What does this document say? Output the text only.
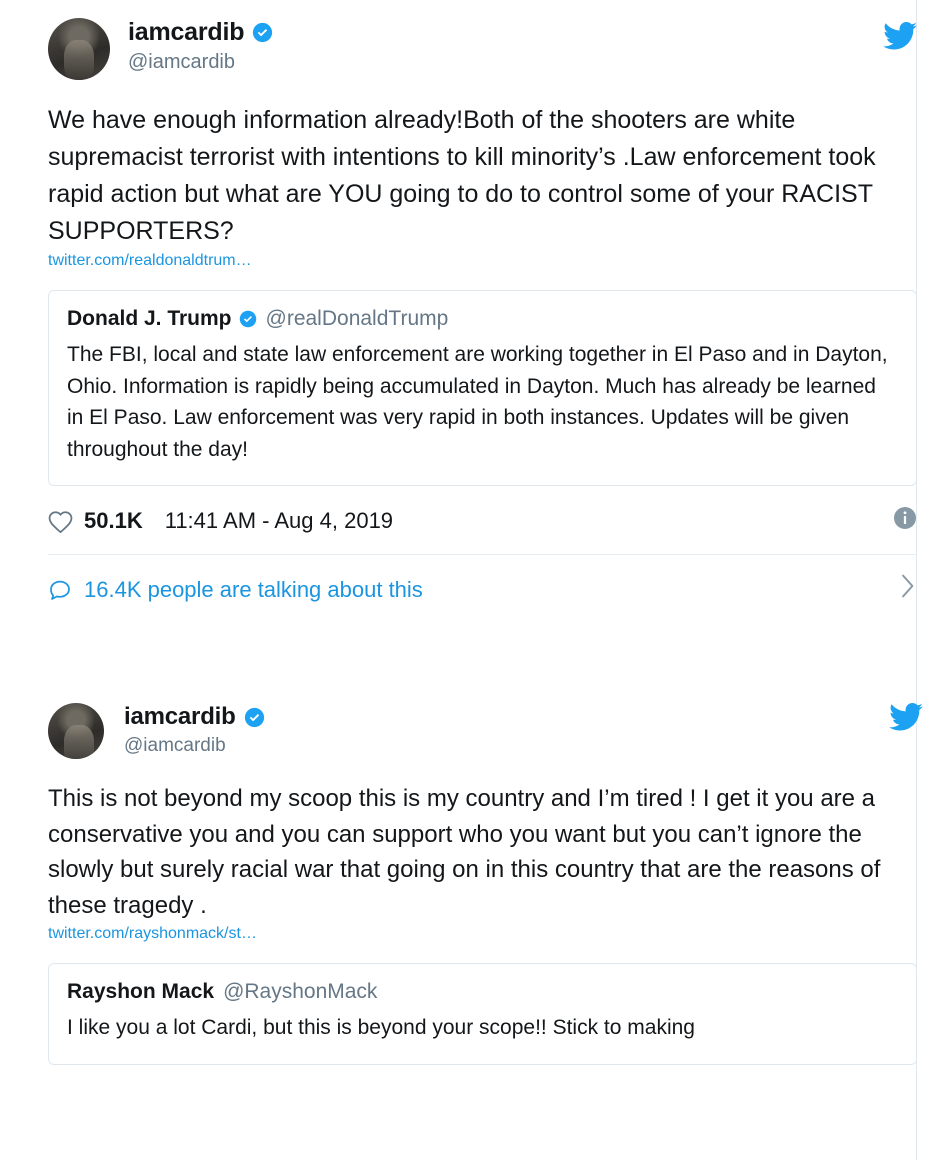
iamcardib
@iamcardib
We have enough information already!Both of the shooters are white supremacist terrorist with intentions to kill minority’s .Law enforcement took rapid action but what are YOU going to do to control some of your RACIST SUPPORTERS?
twitter.com/realdonaldtrum…
Donald J. Trump @realDonaldTrump
The FBI, local and state law enforcement are working together in El Paso and in Dayton, Ohio. Information is rapidly being accumulated in Dayton. Much has already be learned in El Paso. Law enforcement was very rapid in both instances. Updates will be given throughout the day!
50.1K 11:41 AM - Aug 4, 2019
16.4K people are talking about this
iamcardib
@iamcardib
This is not beyond my scoop this is my country and I’m tired ! I get it you are a conservative you and you can support who you want but you can’t ignore the slowly but surely racial war that going on in this country that are the reasons of these tragedy .
twitter.com/rayshonmack/st…
Rayshon Mack @RayshonMack
I like you a lot Cardi, but this is beyond your scope!! Stick to making
